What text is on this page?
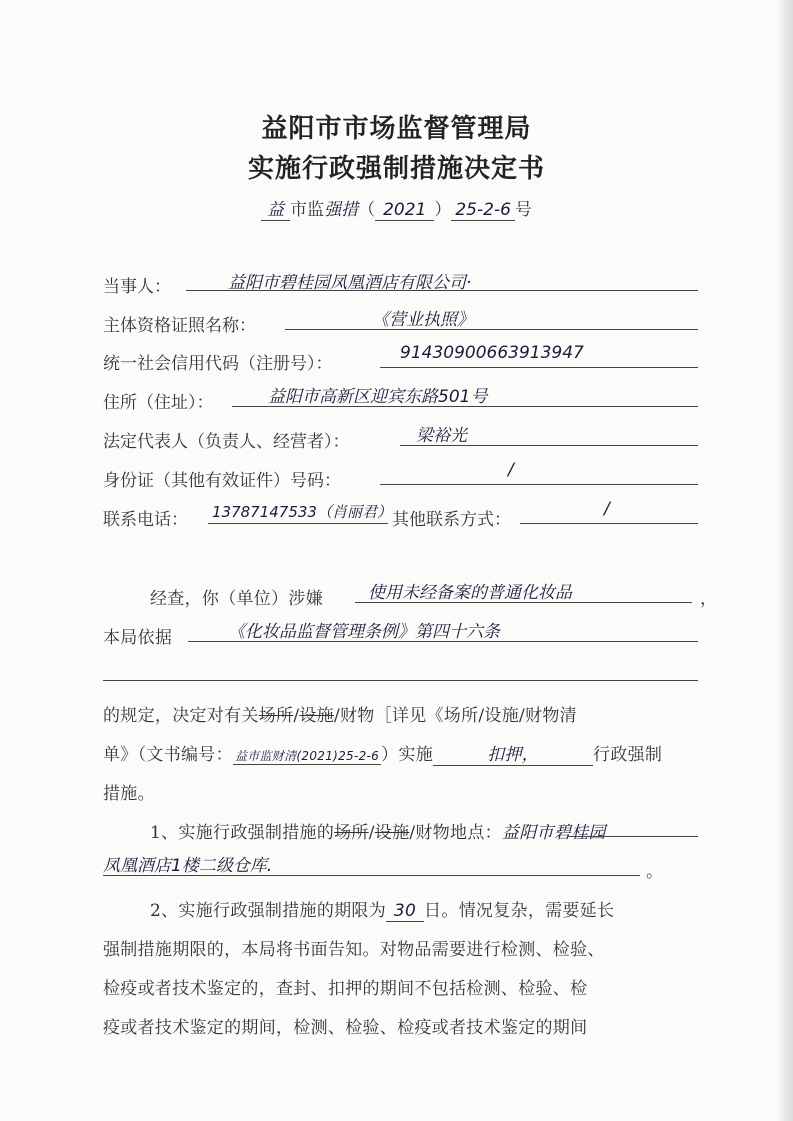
益阳市市场监督管理局
实施行政强制措施决定书
益 市监强措（ 2021 ） 25-2-6 号
当事人：	益阳市碧桂园凤凰酒店有限公司·
主体资格证照名称：	《营业执照》
统一社会信用代码（注册号）：
91430900663913947
住所（住址）：	益阳市高新区迎宾东路501号
法定代表人（负责人、经营者）：	梁裕光
身份证（其他有效证件）号码：
/
联系电话： 13787147533（肖丽君） 其他联系方式：
/
经查，你（单位）涉嫌	使用未经备案的普通化妆品	，
本局依据	《化妆品监督管理条例》第四十六条
的规定，决定对有关场所/设施/财物［详见《场所/设施/财物清
单》（文书编号： 益市监财清(2021)25-2-6 ）实施	扣押，	行政强制
措施。
1、实施行政强制措施的场所/设施/财物地点：益阳市碧桂园
凤凰酒店1楼二级仓库.	。
2、实施行政强制措施的期限为 30 日。情况复杂，需要延长
强制措施期限的，本局将书面告知。对物品需要进行检测、检验、
检疫或者技术鉴定的，查封、扣押的期间不包括检测、检验、检
疫或者技术鉴定的期间，检测、检验、检疫或者技术鉴定的期间
